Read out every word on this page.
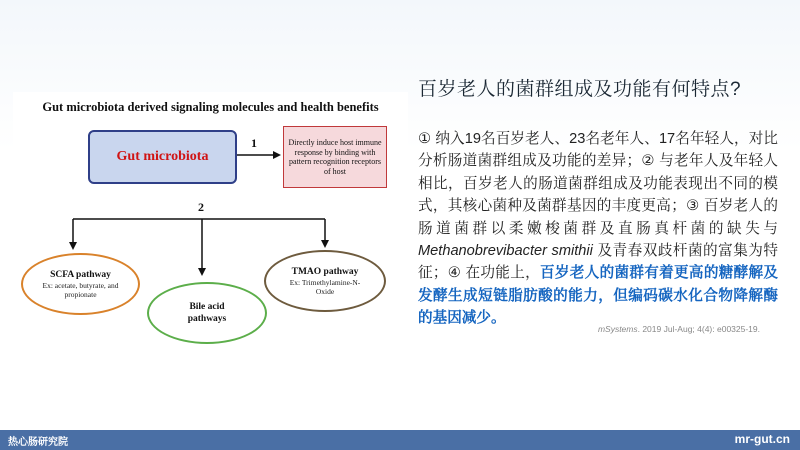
Gut microbiota derived signaling molecules and health benefits
Gut microbiota
1	Directly induce host immune response by binding with pattern recognition receptors of host
2
SCFA pathway
Ex: acetate, butyrate, and propionate
Bile acid pathways
TMAO pathway
Ex: Trimethylamine-N-Oxide
百岁老人的菌群组成及功能有何特点?
① 纳入19名百岁老人、23名老年人、17名年轻人，对比分析肠道菌群组成及功能的差异；② 与老年人及年轻人相比，百岁老人的肠道菌群组成及功能表现出不同的模式，其核心菌种及菌群基因的丰度更高；③ 百岁老人的肠道菌群以柔嫩梭菌群及直肠真杆菌的缺失与 Methanobrevibacter smithii 及青春双歧杆菌的富集为特征；④ 在功能上，百岁老人的菌群有着更高的糖酵解及发酵生成短链脂肪酸的能力，但编码碳水化合物降解酶的基因减少。
mSystems. 2019 Jul-Aug; 4(4): e00325-19.
热心肠研究院	mr-gut.cn
